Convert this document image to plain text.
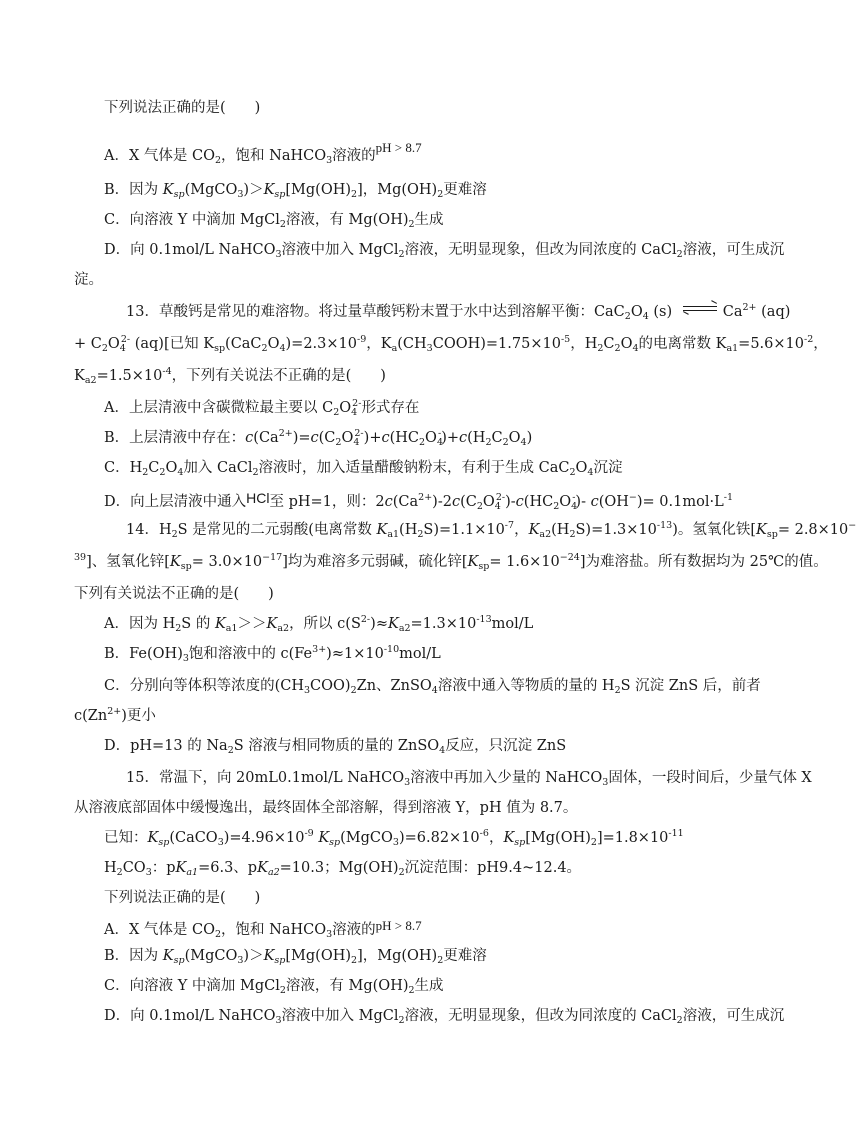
下列说法正确的是(　　)
A．X 气体是 $CO_2$，饱和 NaHCO$_3$溶液的pH > 8.7
B．因为 $K_{sp}(MgCO_3)>K_{sp}[Mg(OH)_2]$，$Mg(OH)_2$更难溶
C．向溶液 Y 中滴加 MgCl$_2$溶液，有 $Mg(OH)_2$生成
D．向 0.1mol/L NaHCO$_3$溶液中加入 MgCl$_2$溶液，无明显现象，但改为同浓度的 CaCl$_2$溶液，可生成沉
淀。
13．草酸钙是常见的难溶物。将过量草酸钙粉末置于水中达到溶解平衡：$CaC_2O_4$ (s)	$Ca^{2+}$ (aq)
+ $C_2O_4^{2-}$ (aq)[已知 $K_{sp}(CaC_2O_4)=2.3\times 10^{-9}$，$K_a(CH_3COOH)=1.75\times 10^{-5}$，$H_2C_2O_4$的电离常数 $K_{a1}=5.6\times 10^{-2}$，
$K_{a2}=1.5\times 10^{-4}$，下列有关说法不正确的是(　　)
A．上层清液中含碳微粒最主要以 $C_2O_4^{2-}$形式存在
B．上层清液中存在：$c(Ca^{2+})=c(C_2O_4^{2-})+c(HC_2O_4^-)+c(H_2C_2O_4)$
C．$H_2C_2O_4$加入 CaCl$_2$溶液时，加入适量醋酸钠粉末，有利于生成 $CaC_2O_4$沉淀
D．向上层清液中通入HCl至 pH=1，则：$2c(Ca^{2+})-2c(C_2O_4^{2-})-c(HC_2O_4^-)-$ $c(OH^-)= 0.1mol\cdot L^{-1}$
14．$H_2S$ 是常见的二元弱酸(电离常数 $K_{a1}(H_2S)=1.1\times 10^{-7}$，$K_{a2}(H_2S)=1.3\times 10^{-13}$)。氢氧化铁[$K_{sp}= 2.8\times 10^-$
$^{39}$]、氢氧化锌$[K_{sp}= 3.0\times 10^{-17}]$均为难溶多元弱碱，硫化锌$[K_{sp}= 1.6\times 10^{-24}]$为难溶盐。所有数据均为 25℃的值。
下列有关说法不正确的是(　　)
A．因为 $H_2S$ 的 $K_{a1}>>K_{a2}$，所以 $c(S^{2-})\approx K_{a2}=1.3\times 10^{-13}mol/L$
B．$Fe(OH)_3$饱和溶液中的 $c(Fe^{3+})\approx 1\times 10^{-10}mol/L$
C．分别向等体积等浓度的$(CH_3COO)_2Zn$、ZnSO$_4$溶液中通入等物质的量的 $H_2S$ 沉淀 ZnS 后，前者
$c(Zn^{2+})$更小
D．pH=13 的 $Na_2S$ 溶液与相同物质的量的 ZnSO$_4$反应，只沉淀 ZnS
15．常温下，向 20mL0.1mol/L NaHCO$_3$溶液中再加入少量的 NaHCO$_3$固体，一段时间后，少量气体 X
从溶液底部固体中缓慢逸出，最终固体全部溶解，得到溶液 Y，pH 值为 8.7。
已知：$K_{sp}(CaCO_3)=4.96\times 10^{-9}$ $K_{sp}(MgCO_3)=6.82\times 10^{-6}$，$K_{sp}[Mg(OH)_2]=1.8\times 10^{-11}$
$H_2CO_3$：$pK_{a1}=6.3$、$pK_{a2}=10.3$；$Mg(OH)_2$沉淀范围：pH9.4~12.4。
下列说法正确的是(　　)
A．X 气体是 $CO_2$，饱和 NaHCO$_3$溶液的pH > 8.7
B．因为 $K_{sp}(MgCO_3)>K_{sp}[Mg(OH)_2]$，$Mg(OH)_2$更难溶
C．向溶液 Y 中滴加 MgCl$_2$溶液，有 $Mg(OH)_2$生成
D．向 0.1mol/L NaHCO$_3$溶液中加入 MgCl$_2$溶液，无明显现象，但改为同浓度的 CaCl$_2$溶液，可生成沉
